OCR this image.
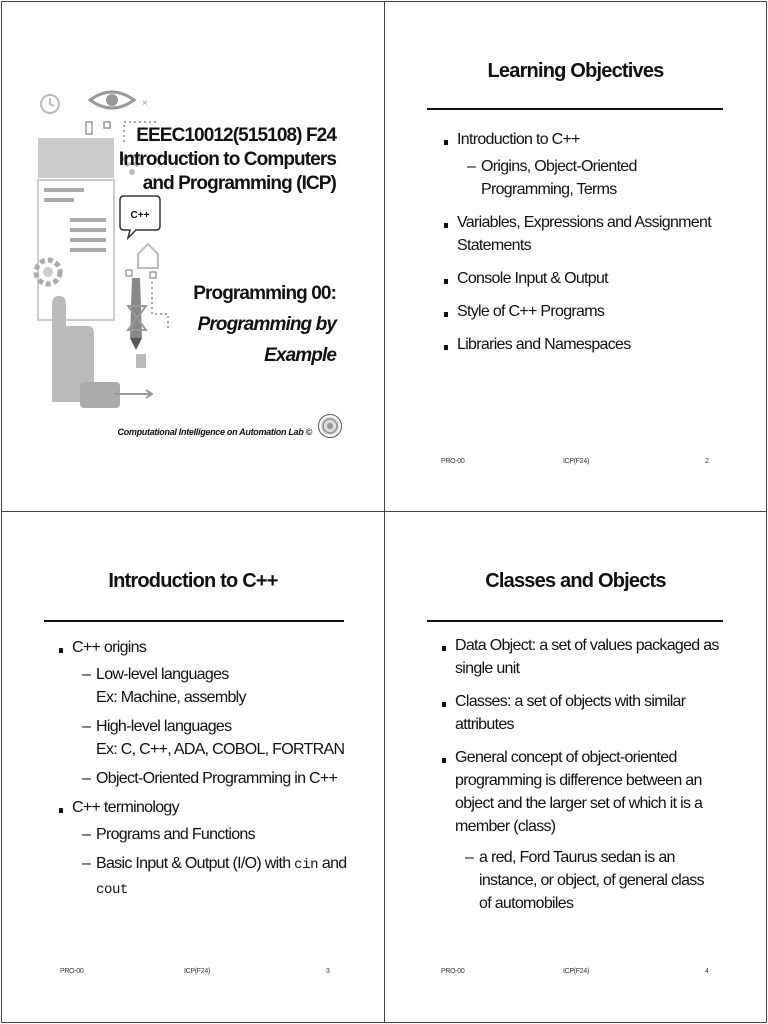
C++
×
EEEC10012(515108) F24
Introduction to Computers
and Programming (ICP)
Programming 00:
Programming by
Example
Computational Intelligence on Automation Lab ©
Learning Objectives
Introduction to C++
– Origins, Object-Oriented Programming, Terms
Variables, Expressions and Assignment Statements
Console Input & Output
Style of C++ Programs
Libraries and Namespaces
PRO-00	ICP(F24)	2
Introduction to C++
C++ origins
– Low-level languages
Ex: Machine, assembly
– High-level languages
Ex: C, C++, ADA, COBOL, FORTRAN
– Object-Oriented Programming in C++
C++ terminology
– Programs and Functions
– Basic Input & Output (I/O) with cin and
cout
PRO-00	ICP(F24)	3
Classes and Objects
Data Object: a set of values packaged as single unit
Classes: a set of objects with similar attributes
General concept of object-oriented programming is difference between an object and the larger set of which it is a member (class)
– a red, Ford Taurus sedan is an instance, or object, of general class of automobiles
PRO-00	ICP(F24)	4
